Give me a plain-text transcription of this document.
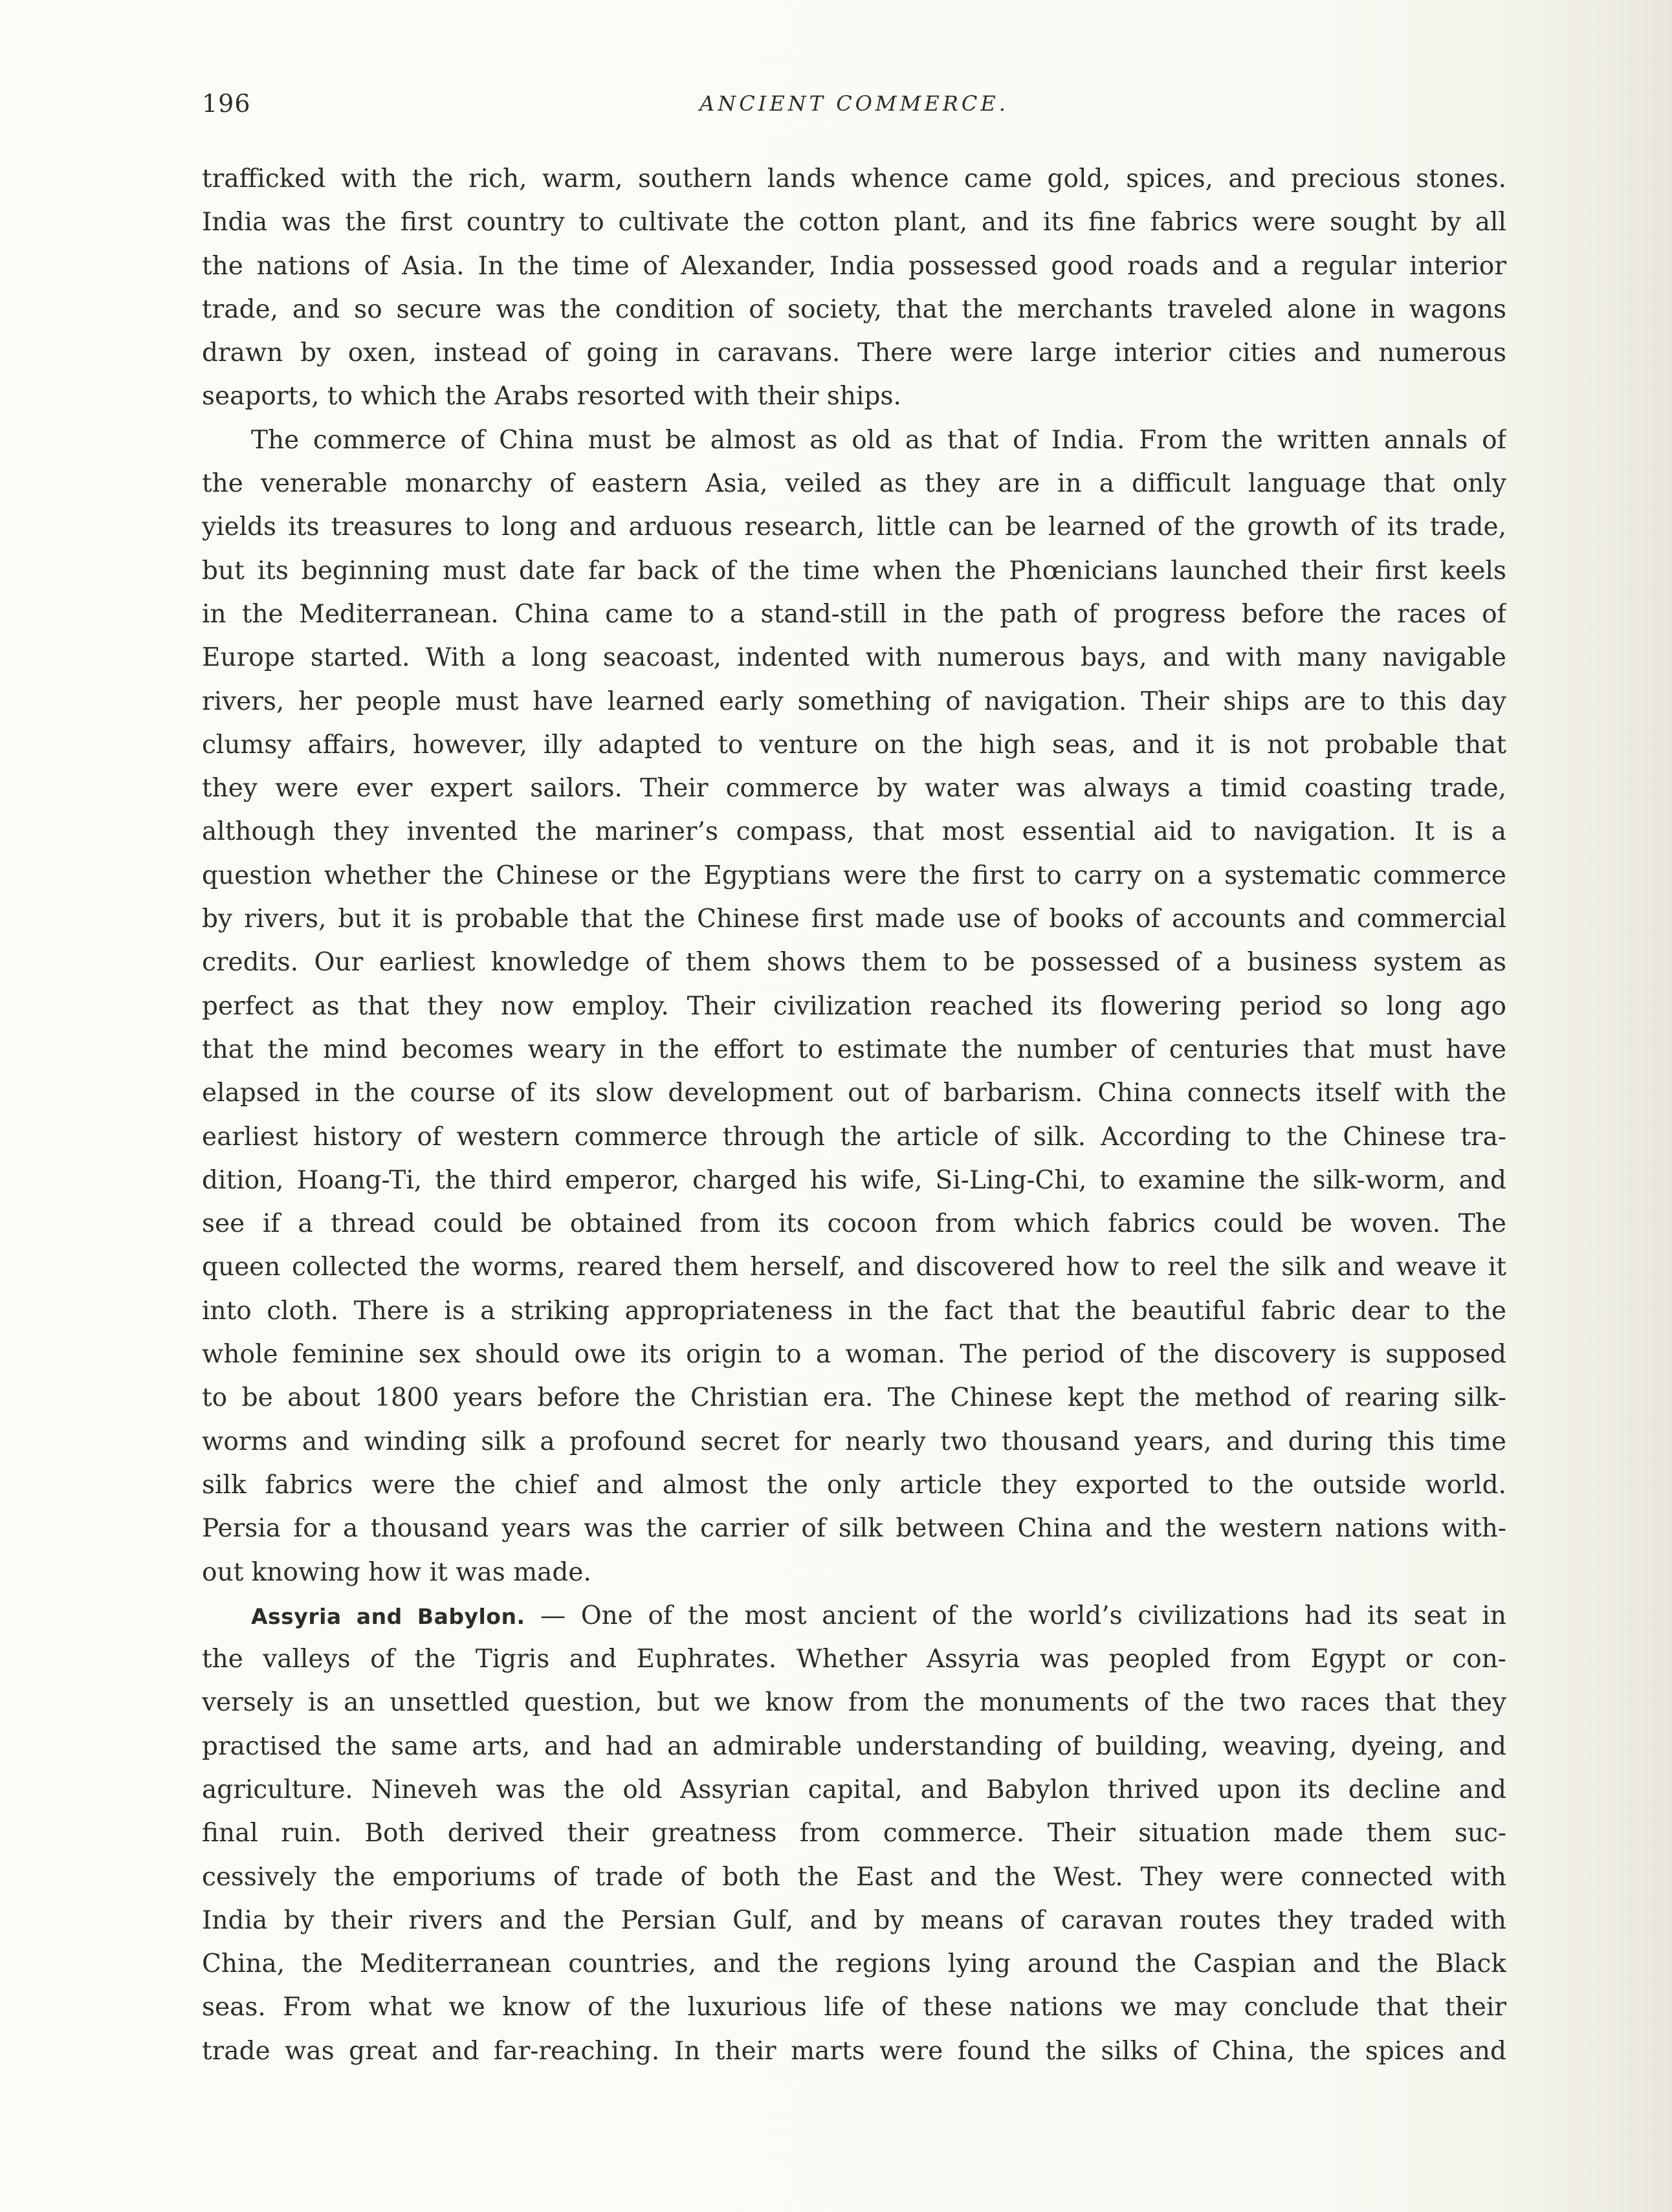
196	ANCIENT COMMERCE.
trafficked with the rich, warm, southern lands whence came gold, spices, and precious stones.
India was the first country to cultivate the cotton plant, and its fine fabrics were sought by all
the nations of Asia. In the time of Alexander, India possessed good roads and a regular interior
trade, and so secure was the condition of society, that the merchants traveled alone in wagons
drawn by oxen, instead of going in caravans. There were large interior cities and numerous
seaports, to which the Arabs resorted with their ships.
The commerce of China must be almost as old as that of India. From the written annals of
the venerable monarchy of eastern Asia, veiled as they are in a difficult language that only
yields its treasures to long and arduous research, little can be learned of the growth of its trade,
but its beginning must date far back of the time when the Phœnicians launched their first keels
in the Mediterranean. China came to a stand-still in the path of progress before the races of
Europe started. With a long seacoast, indented with numerous bays, and with many navigable
rivers, her people must have learned early something of navigation. Their ships are to this day
clumsy affairs, however, illy adapted to venture on the high seas, and it is not probable that
they were ever expert sailors. Their commerce by water was always a timid coasting trade,
although they invented the mariner’s compass, that most essential aid to navigation. It is a
question whether the Chinese or the Egyptians were the first to carry on a systematic commerce
by rivers, but it is probable that the Chinese first made use of books of accounts and commercial
credits. Our earliest knowledge of them shows them to be possessed of a business system as
perfect as that they now employ. Their civilization reached its flowering period so long ago
that the mind becomes weary in the effort to estimate the number of centuries that must have
elapsed in the course of its slow development out of barbarism. China connects itself with the
earliest history of western commerce through the article of silk. According to the Chinese tra-
dition, Hoang-Ti, the third emperor, charged his wife, Si-Ling-Chi, to examine the silk-worm, and
see if a thread could be obtained from its cocoon from which fabrics could be woven. The
queen collected the worms, reared them herself, and discovered how to reel the silk and weave it
into cloth. There is a striking appropriateness in the fact that the beautiful fabric dear to the
whole feminine sex should owe its origin to a woman. The period of the discovery is supposed
to be about 1800 years before the Christian era. The Chinese kept the method of rearing silk-
worms and winding silk a profound secret for nearly two thousand years, and during this time
silk fabrics were the chief and almost the only article they exported to the outside world.
Persia for a thousand years was the carrier of silk between China and the western nations with-
out knowing how it was made.
Assyria and Babylon. — One of the most ancient of the world’s civilizations had its seat in
the valleys of the Tigris and Euphrates. Whether Assyria was peopled from Egypt or con-
versely is an unsettled question, but we know from the monuments of the two races that they
practised the same arts, and had an admirable understanding of building, weaving, dyeing, and
agriculture. Nineveh was the old Assyrian capital, and Babylon thrived upon its decline and
final ruin. Both derived their greatness from commerce. Their situation made them suc-
cessively the emporiums of trade of both the East and the West. They were connected with
India by their rivers and the Persian Gulf, and by means of caravan routes they traded with
China, the Mediterranean countries, and the regions lying around the Caspian and the Black
seas. From what we know of the luxurious life of these nations we may conclude that their
trade was great and far-reaching. In their marts were found the silks of China, the spices and
